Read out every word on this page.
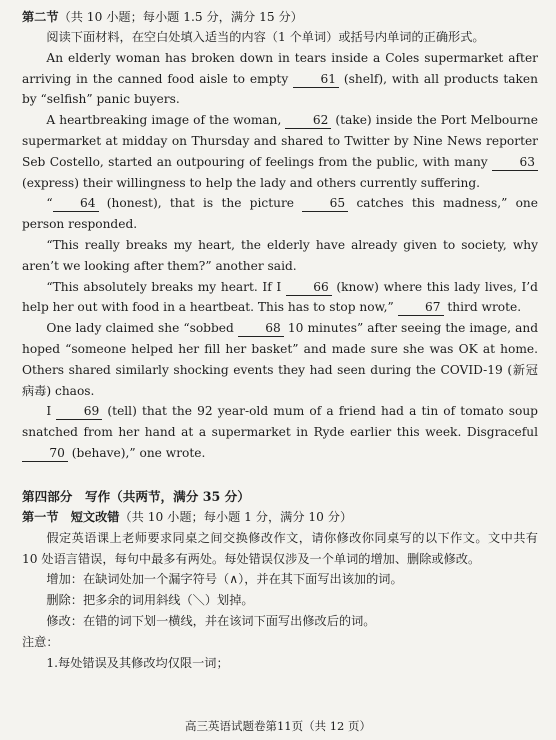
第二节（共 10 小题；每小题 1.5 分，满分 15 分）

阅读下面材料，在空白处填入适当的内容（1 个单词）或括号内单词的正确形式。

An elderly woman has broken down in tears inside a Coles supermarket after arriving in the canned food aisle to empty 61 (shelf), with all products taken by “selfish” panic buyers.

A heartbreaking image of the woman, 62 (take) inside the Port Melbourne supermarket at midday on Thursday and shared to Twitter by Nine News reporter Seb Costello, started an outpouring of feelings from the public, with many 63 (express) their willingness to help the lady and others currently suffering.

“ 64 (honest), that is the picture 65 catches this madness,” one person responded.

“This really breaks my heart, the elderly have already given to society, why aren’t we looking after them?” another said.

“This absolutely breaks my heart. If I 66 (know) where this lady lives, I’d help her out with food in a heartbeat. This has to stop now,” 67 third wrote.

One lady claimed she “sobbed 68 10 minutes” after seeing the image, and hoped “someone helped her fill her basket” and made sure she was OK at home. Others shared similarly shocking events they had seen during the COVID-19 (新冠病毒) chaos.

I 69 (tell) that the 92 year-old mum of a friend had a tin of tomato soup snatched from her hand at a supermarket in Ryde earlier this week. Disgraceful 70 (behave),” one wrote.

第四部分　写作（共两节，满分 35 分）
第一节　短文改错（共 10 小题；每小题 1 分，满分 10 分）

假定英语课上老师要求同桌之间交换修改作文，请你修改你同桌写的以下作文。文中共有 10 处语言错误，每句中最多有两处。每处错误仅涉及一个单词的增加、删除或修改。

增加：在缺词处加一个漏字符号（∧），并在其下面写出该加的词。

删除：把多余的词用斜线（＼）划掉。

修改：在错的词下划一横线，并在该词下面写出修改后的词。

注意：

1.每处错误及其修改均仅限一词；

高三英语试题卷第11页（共 12 页）
